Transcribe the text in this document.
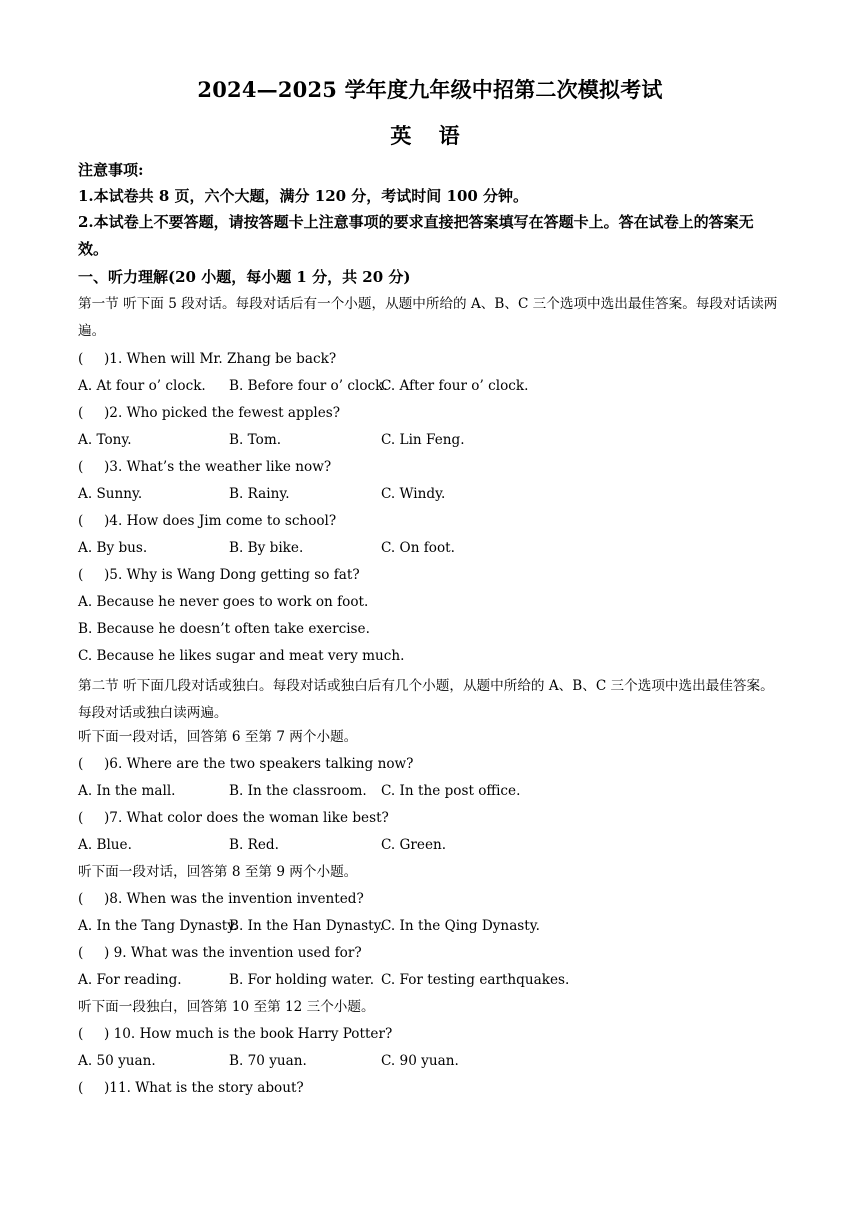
2024—2025 学年度九年级中招第二次模拟考试
英 语
注意事项:
1.本试卷共 8 页，六个大题，满分 120 分，考试时间 100 分钟。
2.本试卷上不要答题，请按答题卡上注意事项的要求直接把答案填写在答题卡上。答在试卷上的答案无效。
一、听力理解(20 小题，每小题 1 分，共 20 分)
第一节 听下面 5 段对话。每段对话后有一个小题，从题中所给的 A、B、C 三个选项中选出最佳答案。每段对话读两遍。
( )1. When will Mr. Zhang be back?
A. At four o’ clock. B. Before four o’ clock.
C. After four o’ clock.
( )2. Who picked the fewest apples?
A. Tony.	B. Tom.	C. Lin Feng.
( )3. What’s the weather like now?
A. Sunny.	B. Rainy.	C. Windy.
( )4. How does Jim come to school?
A. By bus.	B. By bike.	C. On foot.
( )5. Why is Wang Dong getting so fat?
A. Because he never goes to work on foot.
B. Because he doesn’t often take exercise.
C. Because he likes sugar and meat very much.
第二节 听下面几段对话或独白。每段对话或独白后有几个小题，从题中所给的 A、B、C 三个选项中选出最佳答案。每段对话或独白读两遍。
听下面一段对话，回答第 6 至第 7 两个小题。
( )6. Where are the two speakers talking now?
A. In the mall.	B. In the classroom. C. In the post office.
( )7. What color does the woman like best?
A. Blue.	B. Red.	C. Green.
听下面一段对话，回答第 8 至第 9 两个小题。
( )8. When was the invention invented?
A. In the Tang Dynasty.
B. In the Han Dynasty.
C. In the Qing Dynasty.
( ) 9. What was the invention used for?
A. For reading.	B. For holding water. C. For testing earthquakes.
听下面一段独白，回答第 10 至第 12 三个小题。
( ) 10. How much is the book Harry Potter?
A. 50 yuan.	B. 70 yuan.	C. 90 yuan.
( )11. What is the story about?
